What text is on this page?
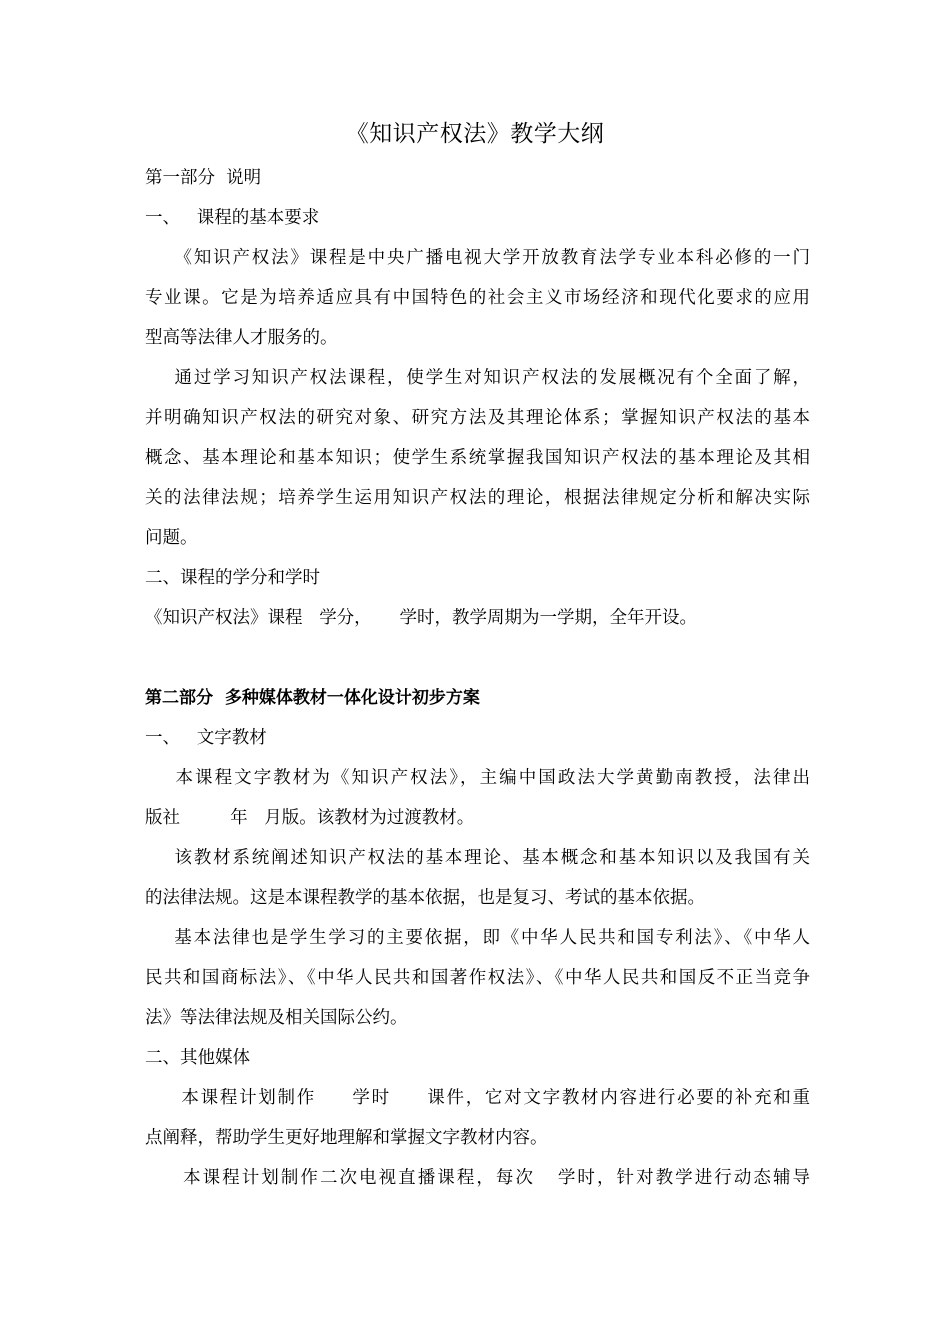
《知识产权法》教学大纲
第一部分  说明
一、   课程的基本要求
《知识产权法》课程是中央广播电视大学开放教育法学专业本科必修的一门
专业课。它是为培养适应具有中国特色的社会主义市场经济和现代化要求的应用
型高等法律人才服务的。
通过学习知识产权法课程，使学生对知识产权法的发展概况有个全面了解，
并明确知识产权法的研究对象、研究方法及其理论体系；掌握知识产权法的基本
概念、基本理论和基本知识；使学生系统掌握我国知识产权法的基本理论及其相
关的法律法规；培养学生运用知识产权法的理论，根据法律规定分析和解决实际
问题。
二、课程的学分和学时
《知识产权法》课程   学分，     学时，教学周期为一学期，全年开设。
第二部分  多种媒体教材一体化设计初步方案
一、   文字教材
本课程文字教材为《知识产权法》，主编中国政法大学黄勤南教授，法律出
版社         年   月版。该教材为过渡教材。
该教材系统阐述知识产权法的基本理论、基本概念和基本知识以及我国有关
的法律法规。这是本课程教学的基本依据，也是复习、考试的基本依据。
基本法律也是学生学习的主要依据，即《中华人民共和国专利法》、《中华人
民共和国商标法》、《中华人民共和国著作权法》、《中华人民共和国反不正当竞争
法》等法律法规及相关国际公约。
二、其他媒体
本课程计划制作     学时     课件，它对文字教材内容进行必要的补充和重
点阐释，帮助学生更好地理解和掌握文字教材内容。
本课程计划制作二次电视直播课程，每次   学时，针对教学进行动态辅导
